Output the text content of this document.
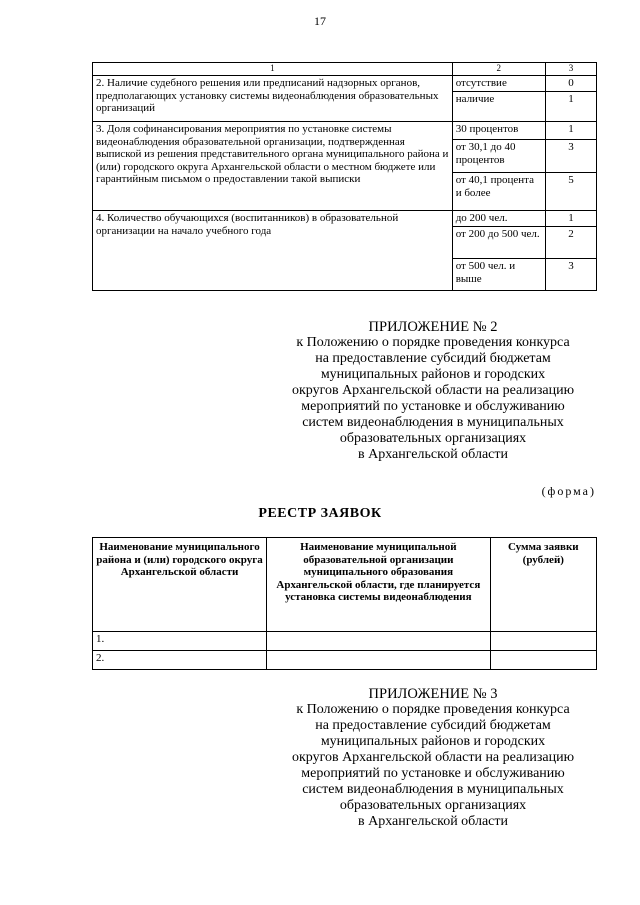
17
1	2	3
2. Наличие судебного решения или предписаний надзорных органов, предполагающих установку системы видеонаблюдения образовательных организаций	отсутствие	0
	наличие	1
3. Доля софинансирования мероприятия по установке системы видеонаблюдения образовательной организации, подтвержденная выпиской из решения представительного органа муниципального района и (или) городского округа Архангельской области о местном бюджете или гарантийным письмом о предоставлении такой выписки	30 процентов	1
	от 30,1 до 40 процентов	3
	от 40,1 процента и более	5
4. Количество обучающихся (воспитанников) в образовательной организации на начало учебного года	до 200 чел.	1
	от 200 до 500 чел.	2
	от 500 чел. и выше	3
ПРИЛОЖЕНИЕ № 2
к Положению о порядке проведения конкурса
на предоставление субсидий бюджетам
муниципальных районов и городских
округов Архангельской области на реализацию
мероприятий по установке и обслуживанию
систем видеонаблюдения в муниципальных
образовательных организациях
в Архангельской области
(форма)
РЕЕСТР ЗАЯВОК
Наименование муниципального района и (или) городского округа Архангельской области	Наименование муниципальной образовательной организации муниципального образования Архангельской области, где планируется установка системы видеонаблюдения	Сумма заявки (рублей)
1.		
2.		
ПРИЛОЖЕНИЕ № 3
к Положению о порядке проведения конкурса
на предоставление субсидий бюджетам
муниципальных районов и городских
округов Архангельской области на реализацию
мероприятий по установке и обслуживанию
систем видеонаблюдения в муниципальных
образовательных организациях
в Архангельской области
